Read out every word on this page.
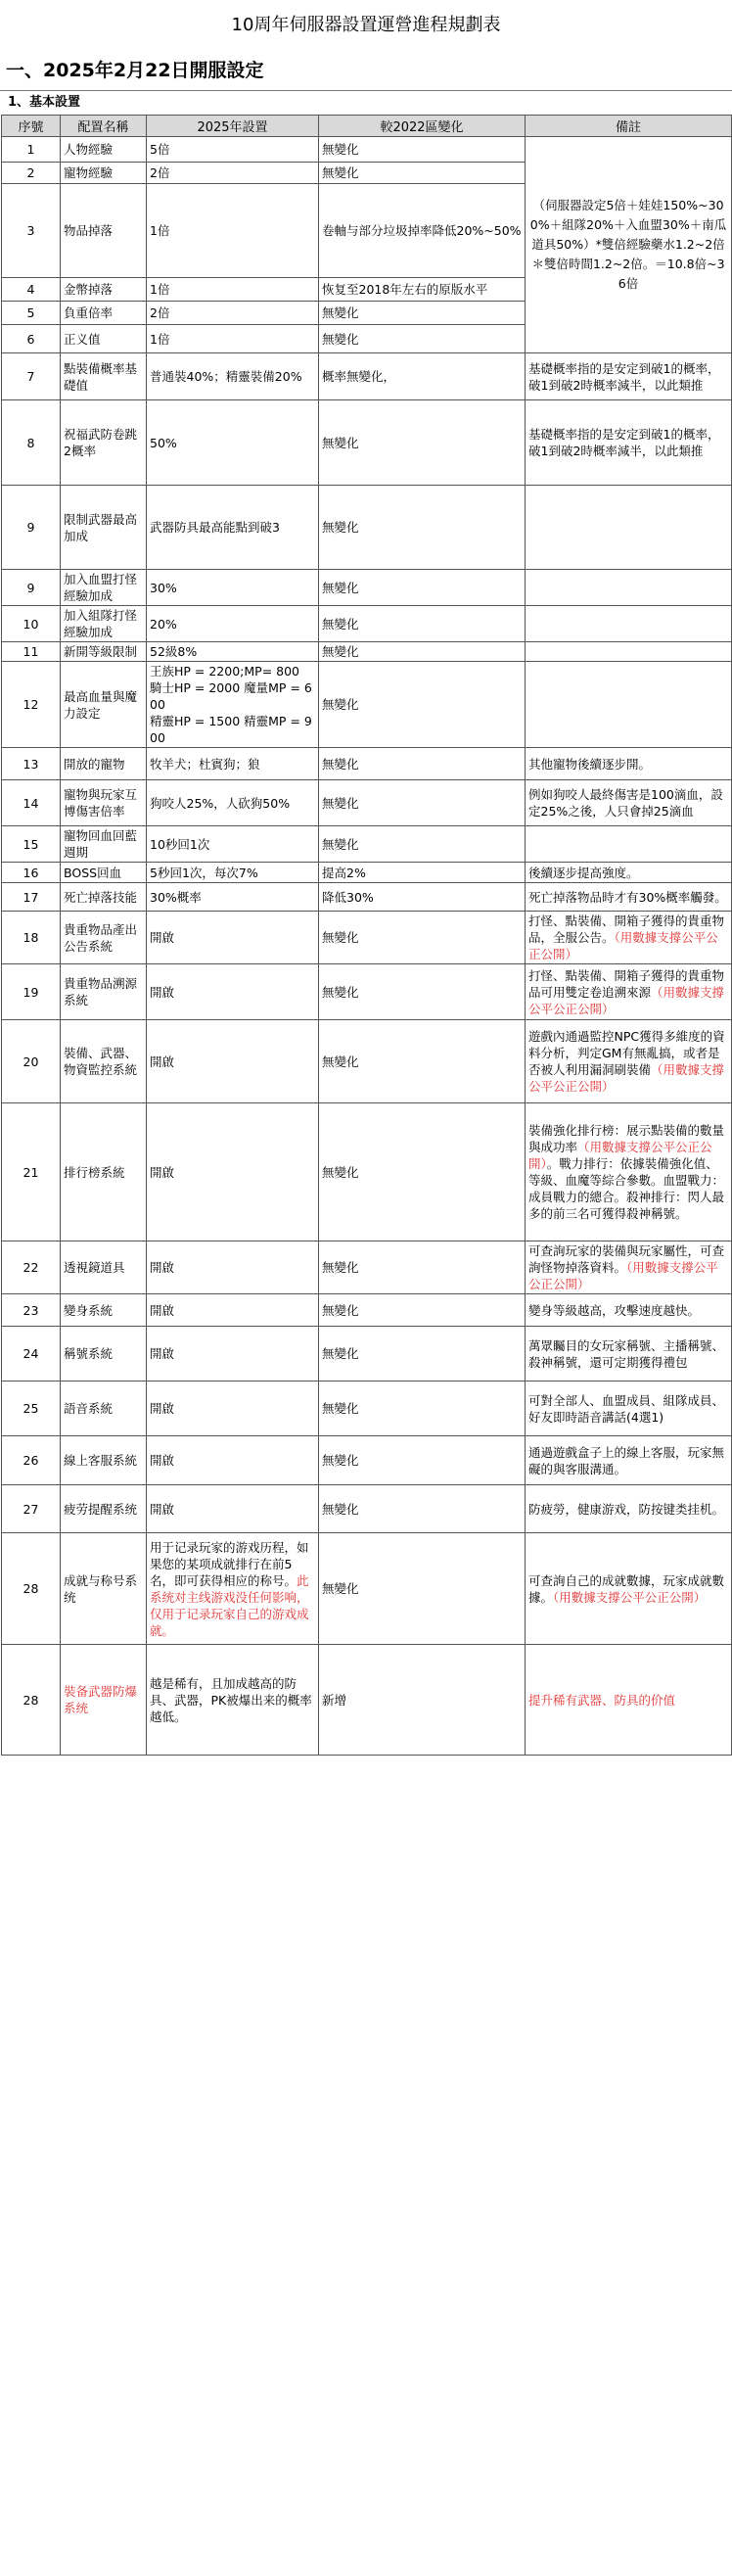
10周年伺服器設置運營進程規劃表
一、2025年2月22日開服設定
1、基本設置
序號	配置名稱	2025年設置	較2022區變化	備註
1	人物經驗	5倍	無變化	（伺服器設定5倍＋娃娃150%~300%＋組隊20%＋入血盟30%＋南瓜道具50%）*雙倍經驗藥水1.2~2倍＊雙倍時間1.2~2倍。＝10.8倍~36倍
2	寵物經驗	2倍	無變化	
3	物品掉落	1倍	卷軸与部分垃圾掉率降低20%~50%	
4	金幣掉落	1倍	恢复至2018年左右的原版水平	
5	負重倍率	2倍	無變化	
6	正义值	1倍	無變化	
7	點裝備概率基礎值	普通裝40%；精靈裝備20%	概率無變化，	基礎概率指的是安定到破1的概率，破1到破2時概率減半，以此類推
8	祝福武防卷跳2概率	50%	無變化	基礎概率指的是安定到破1的概率，破1到破2時概率減半，以此類推
9	限制武器最高加成	武器防具最高能點到破3	無變化	
9	加入血盟打怪經驗加成	30%	無變化	
10	加入組隊打怪經驗加成	20%	無變化	
11	新開等級限制	52級8%	無變化	
12	最高血量與魔力設定	王族HP = 2200;MP= 800
騎士HP = 2000 魔量MP = 600
精靈HP = 1500 精靈MP = 900	無變化	
13	開放的寵物	牧羊犬；杜賓狗；狼	無變化	其他寵物後續逐步開。
14	寵物與玩家互博傷害倍率	狗咬人25%，人砍狗50%	無變化	例如狗咬人最終傷害是100滴血，設定25%之後，人只會掉25滴血
15	寵物回血回藍週期	10秒回1次	無變化	
16	BOSS回血	5秒回1次，每次7%	提高2%	後續逐步提高強度。
17	死亡掉落技能	30%概率	降低30%	死亡掉落物品時才有30%概率觸發。
18	貴重物品產出公告系統	開啟	無變化	打怪、點裝備、開箱子獲得的貴重物品，全服公告。（用數據支撐公平公正公開）
19	貴重物品溯源系統	開啟	無變化	打怪、點裝備、開箱子獲得的貴重物品可用雙定卷追溯來源（用數據支撐公平公正公開）
20	裝備、武器、物資監控系統	開啟	無變化	遊戲內通過監控NPC獲得多維度的資料分析，判定GM有無亂搞，或者是否被人利用漏洞刷裝備（用數據支撐公平公正公開）
21	排行榜系統	開啟	無變化	裝備強化排行榜：展示點裝備的數量與成功率（用數據支撐公平公正公開）。戰力排行：依據裝備強化值、等級、血魔等綜合參數。血盟戰力：成員戰力的總合。殺神排行：閃人最多的前三名可獲得殺神稱號。
22	透視鏡道具	開啟	無變化	可查詢玩家的裝備與玩家屬性，可查詢怪物掉落資料。（用數據支撐公平公正公開）
23	變身系統	開啟	無變化	變身等級越高，攻擊速度越快。
24	稱號系統	開啟	無變化	萬眾矚目的女玩家稱號、主播稱號、殺神稱號，還可定期獲得禮包
25	語音系統	開啟	無變化	可對全部人、血盟成員、組隊成員、好友即時語音講話(4選1)
26	線上客服系統	開啟	無變化	通過遊戲盒子上的線上客服，玩家無礙的與客服溝通。
27	疲劳提醒系统	開啟	無變化	防疲勞，健康游戏，防按键类挂机。
28	成就与称号系统	用于记录玩家的游戏历程，如果您的某项成就排行在前5名，即可获得相应的称号。此系统对主线游戏没任何影响，仅用于记录玩家自己的游戏成就。	無變化	可查詢自己的成就數據，玩家成就數據。（用數據支撐公平公正公開）
28	裝备武器防爆系统	越是稀有，且加成越高的防具、武器，PK被爆出来的概率越低。	新增	提升稀有武器、防具的价值
